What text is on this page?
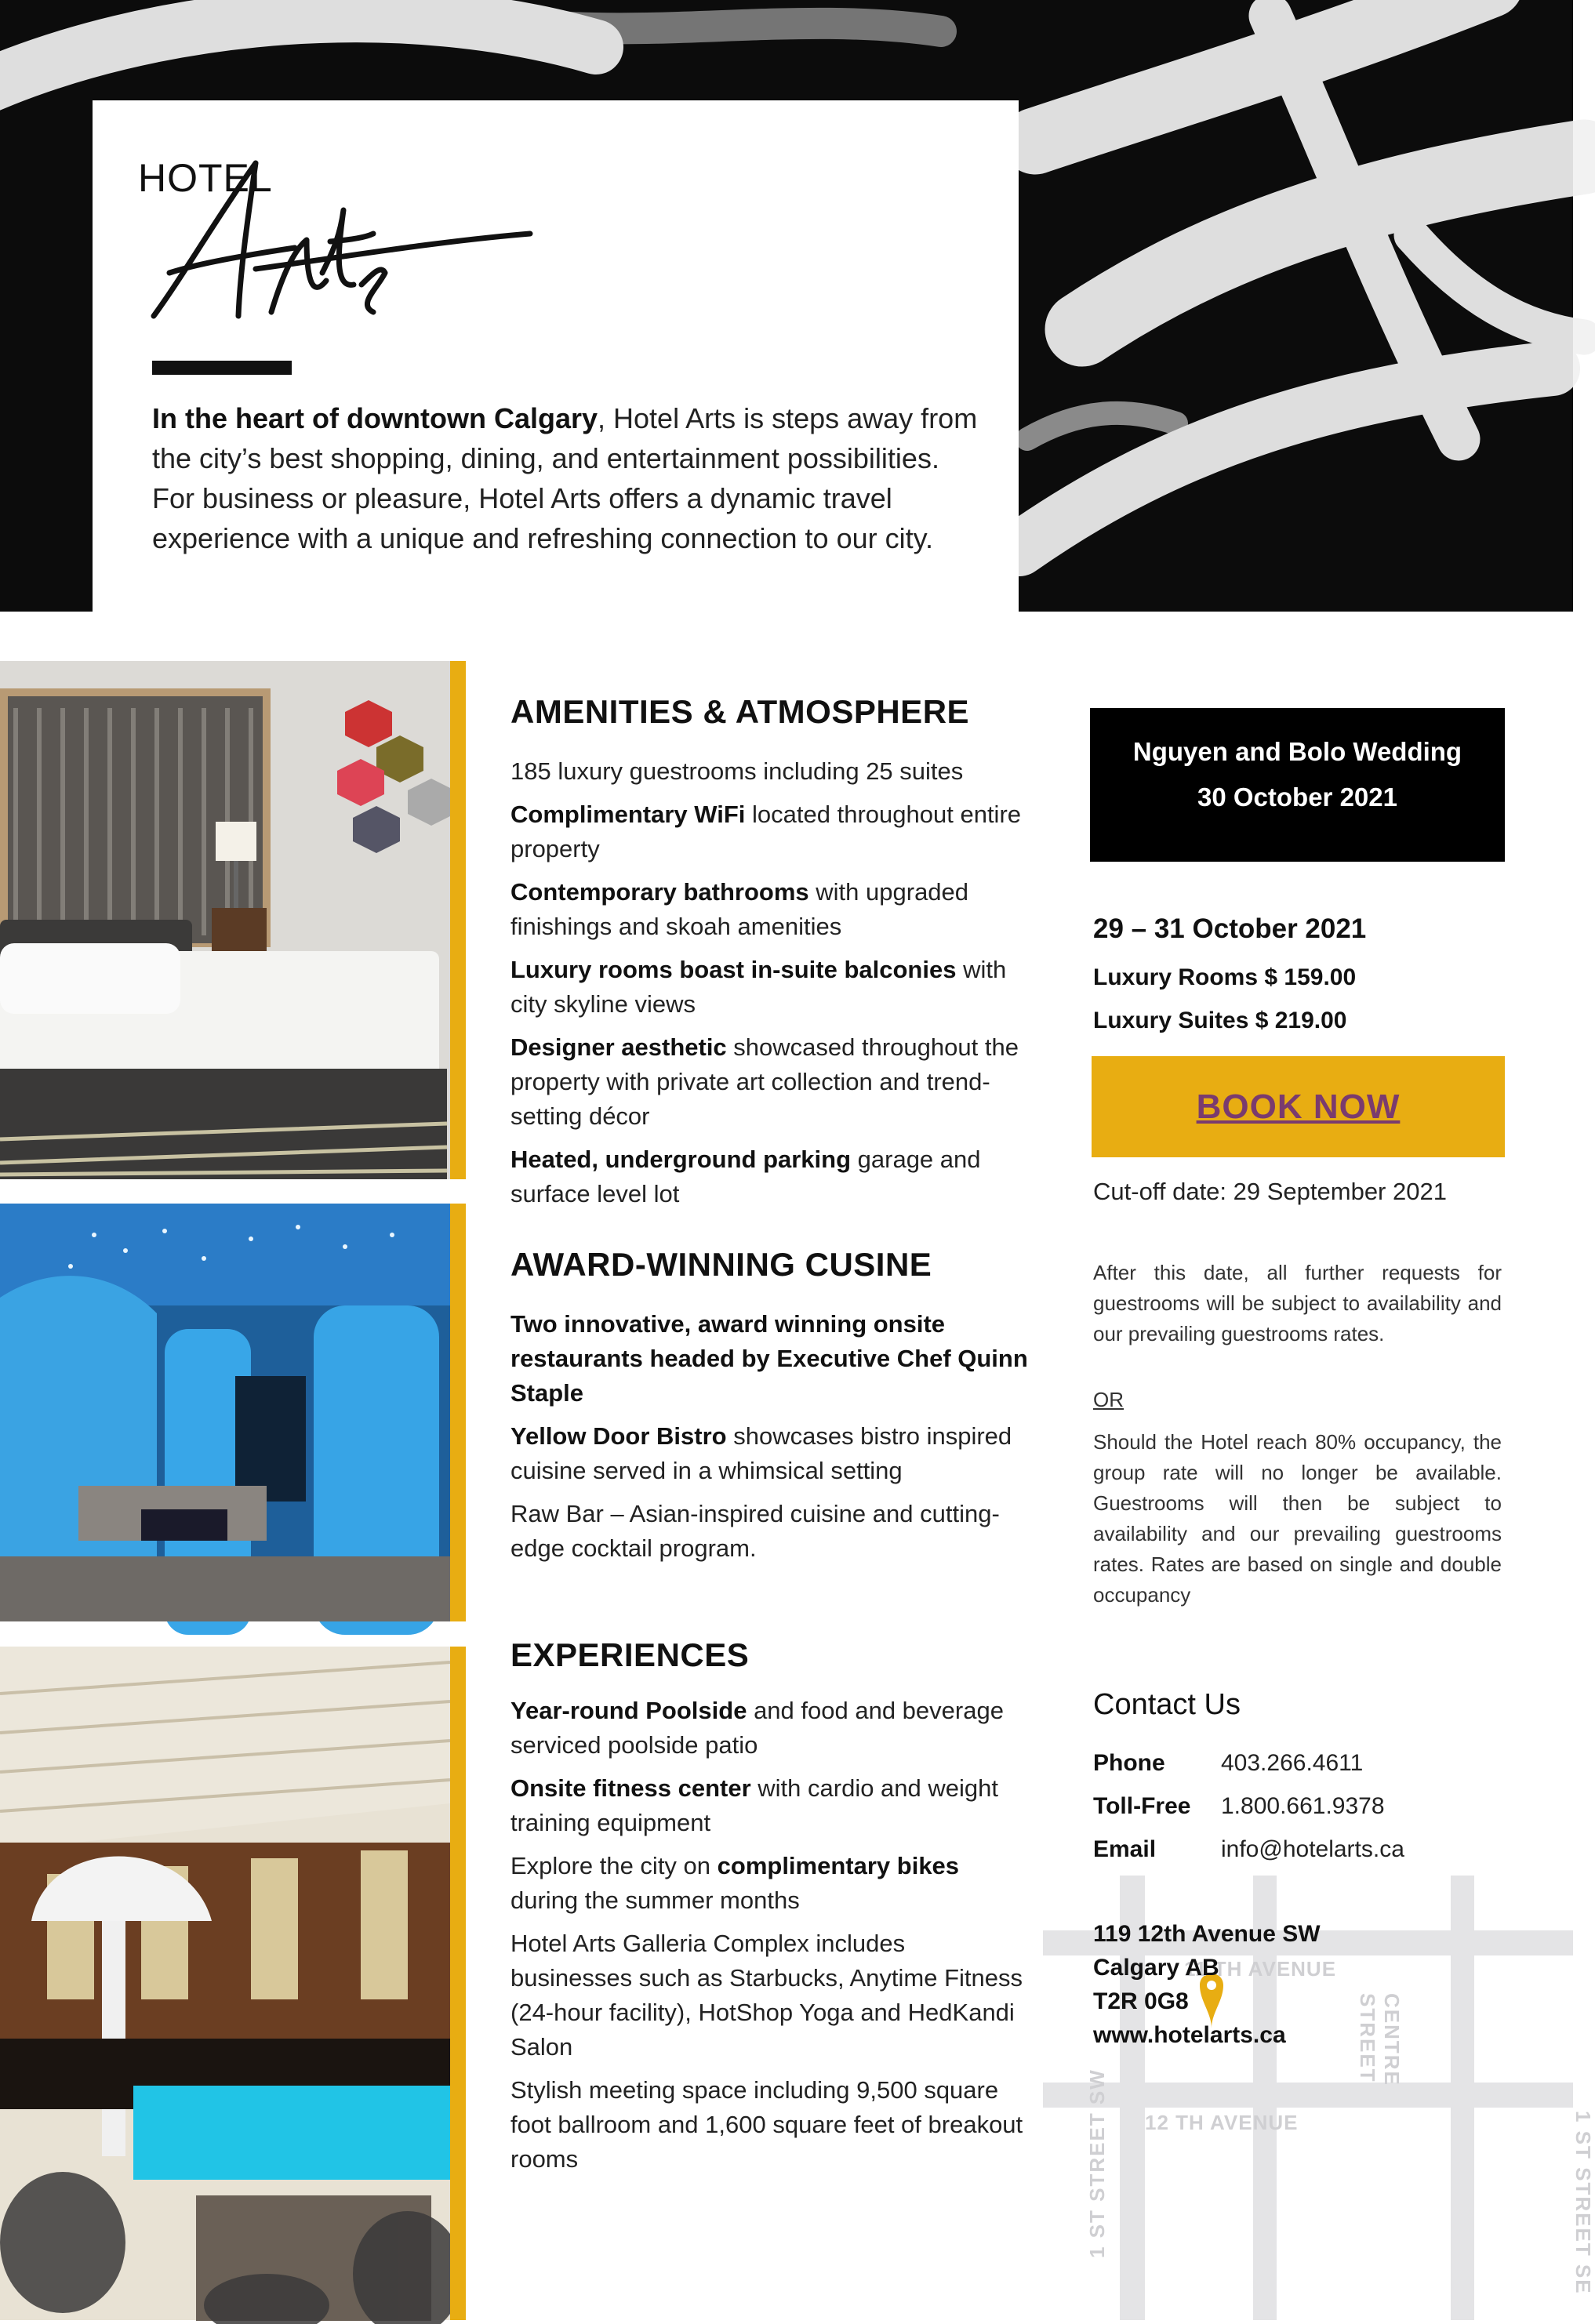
HOTEL
In the heart of downtown Calgary, Hotel Arts is steps away from the city’s best shopping, dining, and entertainment possibilities. For business or pleasure, Hotel Arts offers a dynamic travel experience with a unique and refreshing connection to our city.
AMENITIES & ATMOSPHERE

185 luxury guestrooms including 25 suites

Complimentary WiFi located throughout entire property

Contemporary bathrooms with upgraded finishings and skoah amenities

Luxury rooms boast in-suite balconies with city skyline views

Designer aesthetic showcased throughout the property with private art collection and trend-setting décor

Heated, underground parking garage and surface level lot

AWARD-WINNING CUSINE

Two innovative, award winning onsite restaurants headed by Executive Chef Quinn Staple

Yellow Door Bistro showcases bistro inspired cuisine served in a whimsical setting

Raw Bar – Asian-inspired cuisine and cutting-edge cocktail program.

EXPERIENCES

Year-round Poolside and food and beverage serviced poolside patio

Onsite fitness center with cardio and weight training equipment

Explore the city on complimentary bikes during the summer months

Hotel Arts Galleria Complex includes businesses such as Starbucks, Anytime Fitness (24-hour facility), HotShop Yoga and HedKandi Salon

Stylish meeting space including 9,500 square foot ballroom and 1,600 square feet of breakout rooms

Nguyen and Bolo Wedding
30 October 2021
29 – 31 October 2021
Luxury Rooms $ 159.00
Luxury Suites $ 219.00
BOOK NOW
Cut-off date: 29 September 2021
After this date, all further requests for guestrooms will be subject to availability and our prevailing guestrooms rates.
OR
Should the Hotel reach 80% occupancy, the group rate will no longer be available. Guestrooms will then be subject to availability and our prevailing guestrooms rates. Rates are based on single and double occupancy
CENTRE STREET
11 TH AVENUE
12 TH AVENUE	1 ST STREET SE
1 ST STREET SW
Contact Us
Phone 403.266.4611
Toll-Free 1.800.661.9378
Email	info@hotelarts.ca
119 12th Avenue SW
Calgary AB
T2R 0G8
www.hotelarts.ca
